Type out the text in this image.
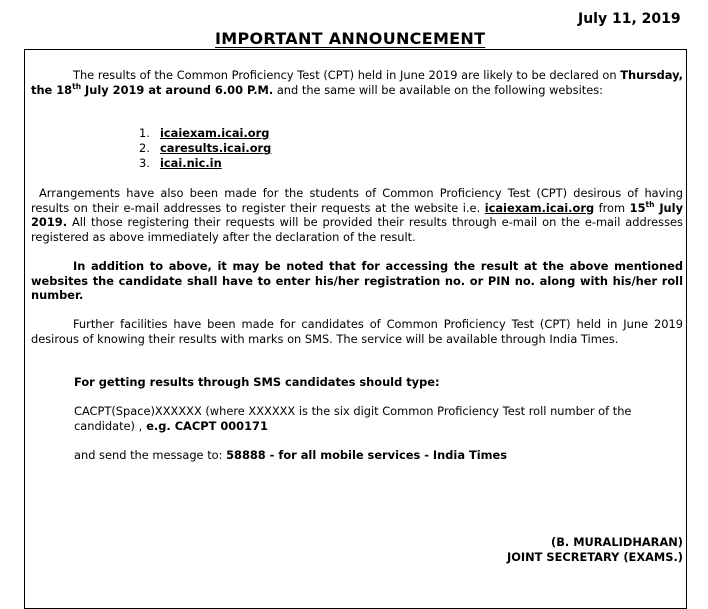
July 11, 2019
IMPORTANT ANNOUNCEMENT

The results of the Common Proficiency Test (CPT) held in June 2019 are likely to be declared on Thursday, the 18th July 2019 at around 6.00 P.M. and the same will be available on the following websites:

1. icaiexam.icai.org
2. caresults.icai.org
3. icai.nic.in

Arrangements have also been made for the students of Common Proficiency Test (CPT) desirous of having results on their e-mail addresses to register their requests at the website i.e. icaiexam.icai.org from 15th July 2019. All those registering their requests will be provided their results through e-mail on the e-mail addresses registered as above immediately after the declaration of the result.

In addition to above, it may be noted that for accessing the result at the above mentioned websites the candidate shall have to enter his/her registration no. or PIN no. along with his/her roll number.

Further facilities have been made for candidates of Common Proficiency Test (CPT) held in June 2019 desirous of knowing their results with marks on SMS. The service will be available through India Times.

For getting results through SMS candidates should type:

CACPT(Space)XXXXXX (where XXXXXX is the six digit Common Proficiency Test roll number of the candidate) , e.g. CACPT 000171

and send the message to: 58888 - for all mobile services - India Times

(B. MURALIDHARAN)

JOINT SECRETARY (EXAMS.)
